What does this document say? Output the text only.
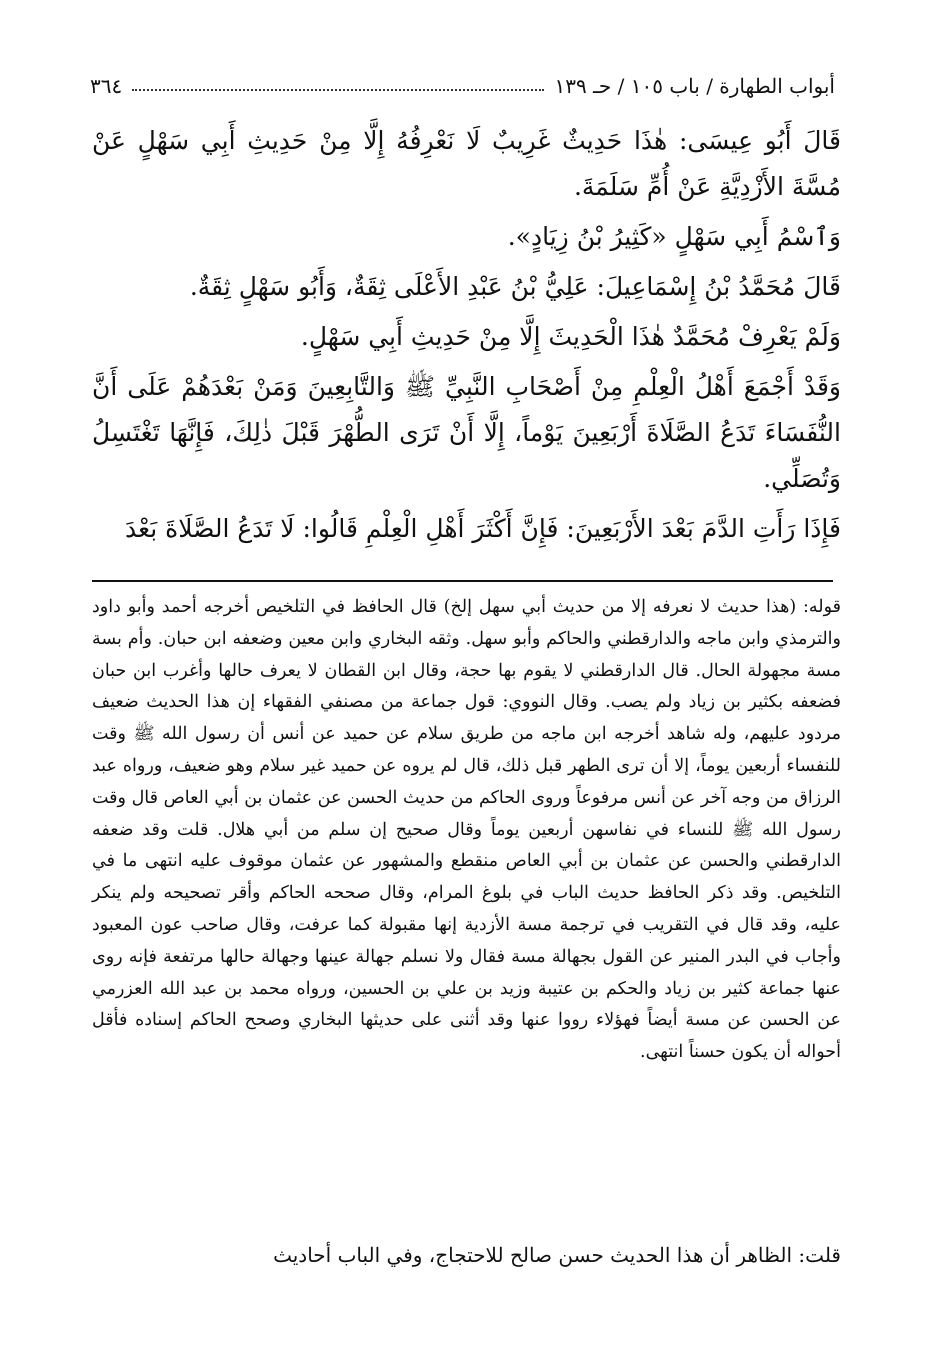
أبواب الطهارة / باب ١٠٥ / حـ ١٣٩
٣٦٤

قَالَ أَبُو عِيسَى: هٰذَا حَدِيثٌ غَرِيبٌ لَا نَعْرِفُهُ إِلَّا مِنْ حَدِيثِ أَبِي سَهْلٍ عَنْ مُسَّةَ الأَزْدِيَّةِ عَنْ أُمِّ سَلَمَةَ.

وَٱسْمُ أَبِي سَهْلٍ «كَثِيرُ بْنُ زِيَادٍ».

قَالَ مُحَمَّدُ بْنُ إِسْمَاعِيلَ: عَلِيُّ بْنُ عَبْدِ الأَعْلَى ثِقَةٌ، وَأَبُو سَهْلٍ ثِقَةٌ.

وَلَمْ يَعْرِفْ مُحَمَّدٌ هٰذَا الْحَدِيثَ إِلَّا مِنْ حَدِيثِ أَبِي سَهْلٍ.

وَقَدْ أَجْمَعَ أَهْلُ الْعِلْمِ مِنْ أَصْحَابِ النَّبِيِّ ﷺ وَالتَّابِعِينَ وَمَنْ بَعْدَهُمْ عَلَى أَنَّ النُّفَسَاءَ تَدَعُ الصَّلَاةَ أَرْبَعِينَ يَوْماً، إِلَّا أَنْ تَرَى الطُّهْرَ قَبْلَ ذٰلِكَ، فَإِنَّهَا تَغْتَسِلُ وَتُصَلِّي.

فَإِذَا رَأَتِ الدَّمَ بَعْدَ الأَرْبَعِينَ: فَإِنَّ أَكْثَرَ أَهْلِ الْعِلْمِ قَالُوا: لَا تَدَعُ الصَّلَاةَ بَعْدَ

قوله: (هذا حديث لا نعرفه إلا من حديث أبي سهل إلخ) قال الحافظ في التلخيص أخرجه أحمد وأبو داود والترمذي وابن ماجه والدارقطني والحاكم وأبو سهل. وثقه البخاري وابن معين وضعفه ابن حبان. وأم بسة مسة مجهولة الحال. قال الدارقطني لا يقوم بها حجة، وقال ابن القطان لا يعرف حالها وأغرب ابن حبان فضعفه بكثير بن زياد ولم يصب. وقال النووي: قول جماعة من مصنفي الفقهاء إن هذا الحديث ضعيف مردود عليهم، وله شاهد أخرجه ابن ماجه من طريق سلام عن حميد عن أنس أن رسول الله ﷺ وقت للنفساء أربعين يوماً، إلا أن ترى الطهر قبل ذلك، قال لم يروه عن حميد غير سلام وهو ضعيف، ورواه عبد الرزاق من وجه آخر عن أنس مرفوعاً وروى الحاكم من حديث الحسن عن عثمان بن أبي العاص قال وقت رسول الله ﷺ للنساء في نفاسهن أربعين يوماً وقال صحيح إن سلم من أبي هلال. قلت وقد ضعفه الدارقطني والحسن عن عثمان بن أبي العاص منقطع والمشهور عن عثمان موقوف عليه انتهى ما في التلخيص. وقد ذكر الحافظ حديث الباب في بلوغ المرام، وقال صححه الحاكم وأقر تصحيحه ولم ينكر عليه، وقد قال في التقريب في ترجمة مسة الأزدية إنها مقبولة كما عرفت، وقال صاحب عون المعبود وأجاب في البدر المنير عن القول بجهالة مسة فقال ولا نسلم جهالة عينها وجهالة حالها مرتفعة فإنه روى عنها جماعة كثير بن زياد والحكم بن عتيبة وزيد بن علي بن الحسين، ورواه محمد بن عبد الله العزرمي عن الحسن عن مسة أيضاً فهؤلاء رووا عنها وقد أثنى على حديثها البخاري وصحح الحاكم إسناده فأقل أحواله أن يكون حسناً انتهى.

قلت: الظاهر أن هذا الحديث حسن صالح للاحتجاج، وفي الباب أحاديث
